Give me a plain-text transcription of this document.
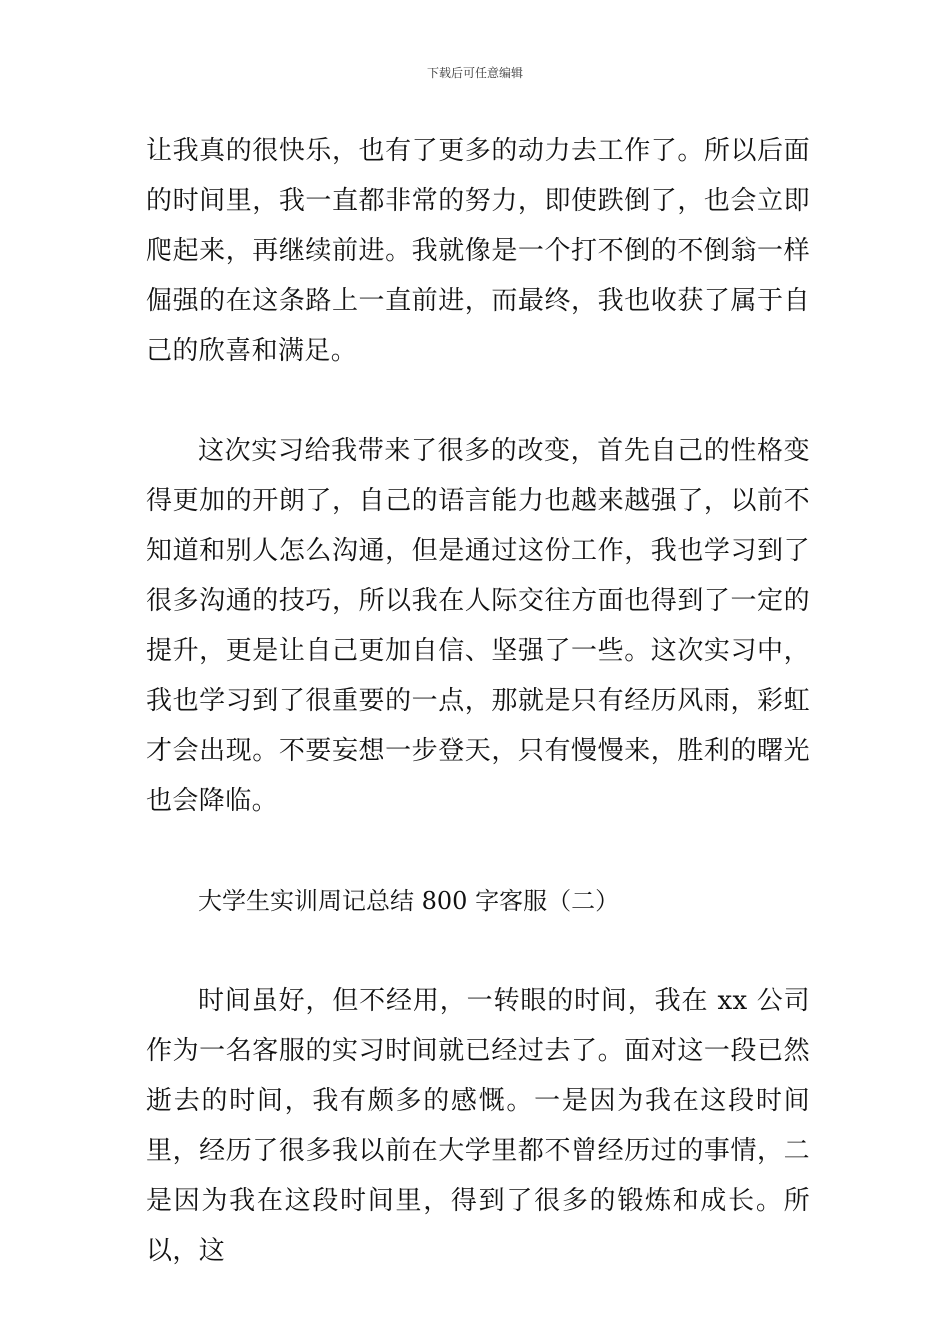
下载后可任意编辑

让我真的很快乐，也有了更多的动力去工作了。所以后面的时间里，我一直都非常的努力，即使跌倒了，也会立即爬起来，再继续前进。我就像是一个打不倒的不倒翁一样倔强的在这条路上一直前进，而最终，我也收获了属于自己的欣喜和满足。

这次实习给我带来了很多的改变，首先自己的性格变得更加的开朗了，自己的语言能力也越来越强了，以前不知道和别人怎么沟通，但是通过这份工作，我也学习到了很多沟通的技巧，所以我在人际交往方面也得到了一定的提升，更是让自己更加自信、坚强了一些。这次实习中，我也学习到了很重要的一点，那就是只有经历风雨，彩虹才会出现。不要妄想一步登天，只有慢慢来，胜利的曙光也会降临。

大学生实训周记总结 800 字客服（二）

时间虽好，但不经用，一转眼的时间，我在 xx 公司作为一名客服的实习时间就已经过去了。面对这一段已然逝去的时间，我有颇多的感慨。一是因为我在这段时间里，经历了很多我以前在大学里都不曾经历过的事情，二是因为我在这段时间里，得到了很多的锻炼和成长。所以，这
